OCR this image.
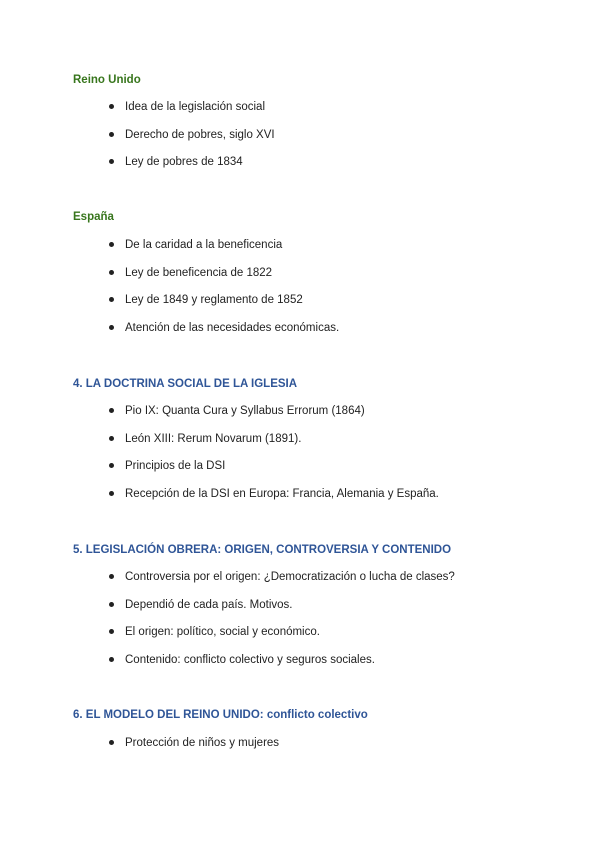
Reino Unido
Idea de la legislación social
Derecho de pobres, siglo XVI
Ley de pobres de 1834
España
De la caridad a la beneficencia
Ley de beneficencia de 1822
Ley de 1849 y reglamento de 1852
Atención de las necesidades económicas.
4. LA DOCTRINA SOCIAL DE LA IGLESIA
Pio IX: Quanta Cura y Syllabus Errorum (1864)
León XIII: Rerum Novarum (1891).
Principios de la DSI
Recepción de la DSI en Europa: Francia, Alemania y España.
5. LEGISLACIÓN OBRERA: ORIGEN, CONTROVERSIA Y CONTENIDO
Controversia por el origen: ¿Democratización o lucha de clases?
Dependió de cada país. Motivos.
El origen: político, social y económico.
Contenido: conflicto colectivo y seguros sociales.
6. EL MODELO DEL REINO UNIDO: conflicto colectivo
Protección de niños y mujeres
